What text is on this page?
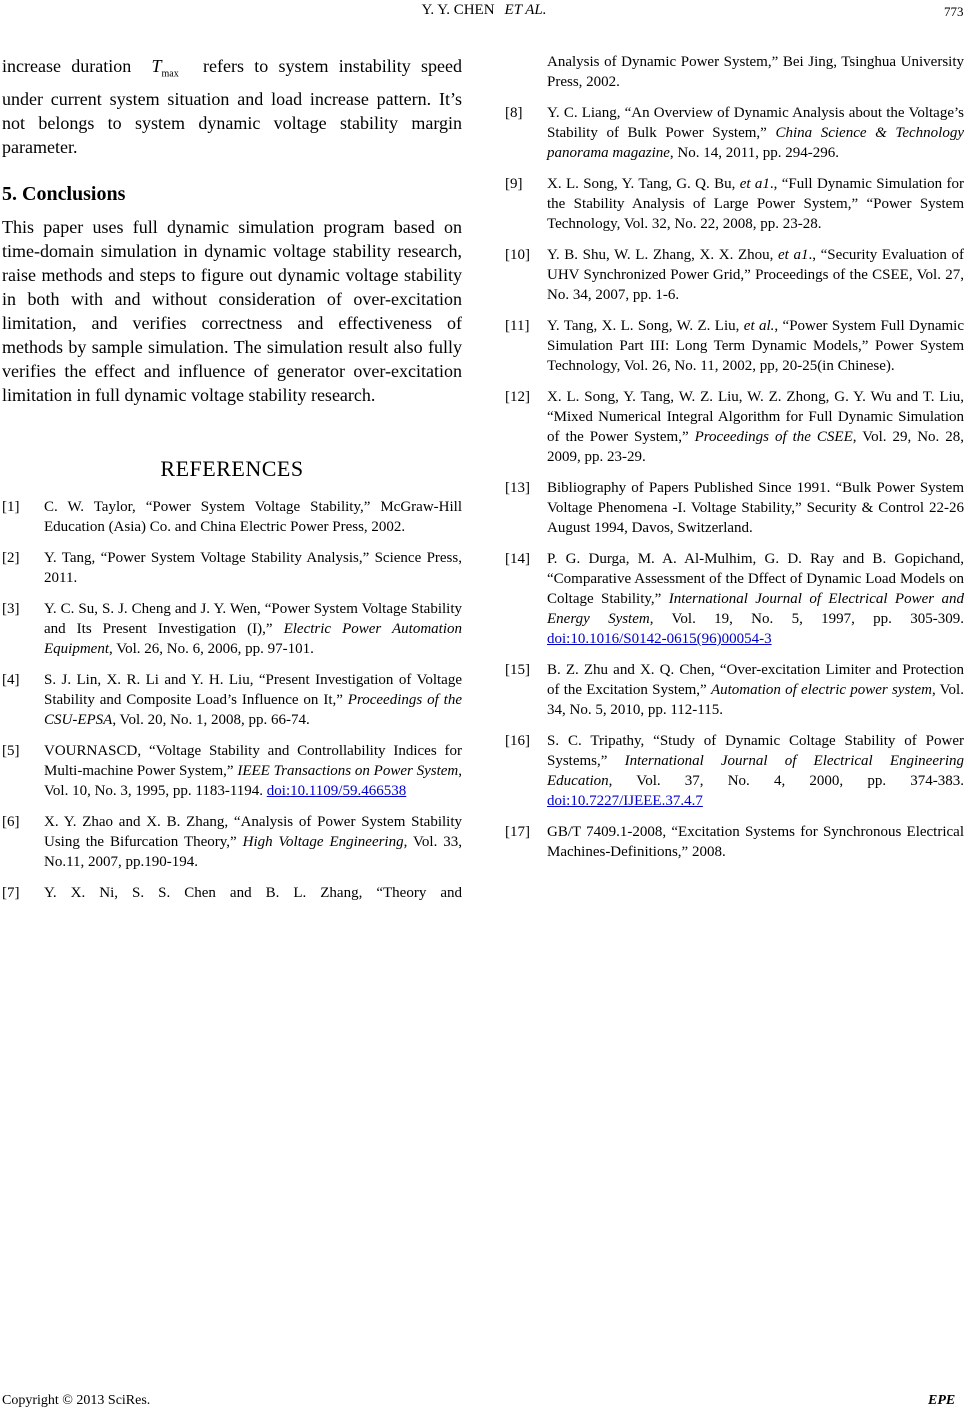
Y. Y. CHEN ET AL.	773

increase duration $T_{max}$ refers to system instability speed under current system situation and load increase pattern. It’s not belongs to system dynamic voltage stability margin parameter.

5. Conclusions

This paper uses full dynamic simulation program based on time-domain simulation in dynamic voltage stability research, raise methods and steps to figure out dynamic voltage stability in both with and without consideration of over-excitation limitation, and verifies correctness and effectiveness of methods by sample simulation. The simulation result also fully verifies the effect and influence of generator over-excitation limitation in full dynamic voltage stability research.

REFERENCES
[1] C. W. Taylor, “Power System Voltage Stability,” McGraw-Hill Education (Asia) Co. and China Electric Power Press, 2002.
[2] Y. Tang, “Power System Voltage Stability Analysis,” Science Press, 2011.
[3] Y. C. Su, S. J. Cheng and J. Y. Wen, “Power System Voltage Stability and Its Present Investigation (I),” Electric Power Automation Equipment, Vol. 26, No. 6, 2006, pp. 97-101.
[4] S. J. Lin, X. R. Li and Y. H. Liu, “Present Investigation of Voltage Stability and Composite Load’s Influence on It,” Proceedings of the CSU-EPSA, Vol. 20, No. 1, 2008, pp. 66-74.
[5] VOURNASCD, “Voltage Stability and Controllability Indices for Multi-machine Power System,” IEEE Transactions on Power System, Vol. 10, No. 3, 1995, pp. 1183-1194. doi:10.1109/59.466538
[6] X. Y. Zhao and X. B. Zhang, “Analysis of Power System Stability Using the Bifurcation Theory,” High Voltage Engineering, Vol. 33, No.11, 2007, pp.190-194.
[7] Y. X. Ni, S. S. Chen and B. L. Zhang, “Theory and
Analysis of Dynamic Power System,” Bei Jing, Tsinghua University Press, 2002.
[8] Y. C. Liang, “An Overview of Dynamic Analysis about the Voltage’s Stability of Bulk Power System,” China Science & Technology panorama magazine, No. 14, 2011, pp. 294-296.
[9] X. L. Song, Y. Tang, G. Q. Bu, et a1., “Full Dynamic Simulation for the Stability Analysis of Large Power System,” “Power System Technology, Vol. 32, No. 22, 2008, pp. 23-28.
[10] Y. B. Shu, W. L. Zhang, X. X. Zhou, et a1., “Security Evaluation of UHV Synchronized Power Grid,” Proceedings of the CSEE, Vol. 27, No. 34, 2007, pp. 1-6.
[11] Y. Tang, X. L. Song, W. Z. Liu, et al., “Power System Full Dynamic Simulation Part III: Long Term Dynamic Models,” Power System Technology, Vol. 26, No. 11, 2002, pp, 20-25(in Chinese).
[12] X. L. Song, Y. Tang, W. Z. Liu, W. Z. Zhong, G. Y. Wu and T. Liu, “Mixed Numerical Integral Algorithm for Full Dynamic Simulation of the Power System,” Proceedings of the CSEE, Vol. 29, No. 28, 2009, pp. 23-29.
[13] Bibliography of Papers Published Since 1991. “Bulk Power System Voltage Phenomena -I. Voltage Stability,” Security & Control 22-26 August 1994, Davos, Switzerland.
[14] P. G. Durga, M. A. Al-Mulhim, G. D. Ray and B. Gopichand, “Comparative Assessment of the Dffect of Dynamic Load Models on Coltage Stability,” International Journal of Electrical Power and Energy System, Vol. 19, No. 5, 1997, pp. 305-309. doi:10.1016/S0142-0615(96)00054-3
[15] B. Z. Zhu and X. Q. Chen, “Over-excitation Limiter and Protection of the Excitation System,” Automation of electric power system, Vol. 34, No. 5, 2010, pp. 112-115.
[16] S. C. Tripathy, “Study of Dynamic Coltage Stability of Power Systems,” International Journal of Electrical Engineering Education, Vol. 37, No. 4, 2000, pp. 374-383. doi:10.7227/IJEEE.37.4.7
[17] GB/T 7409.1-2008, “Excitation Systems for Synchronous Electrical Machines-Definitions,” 2008.
Copyright © 2013 SciRes.	EPE
